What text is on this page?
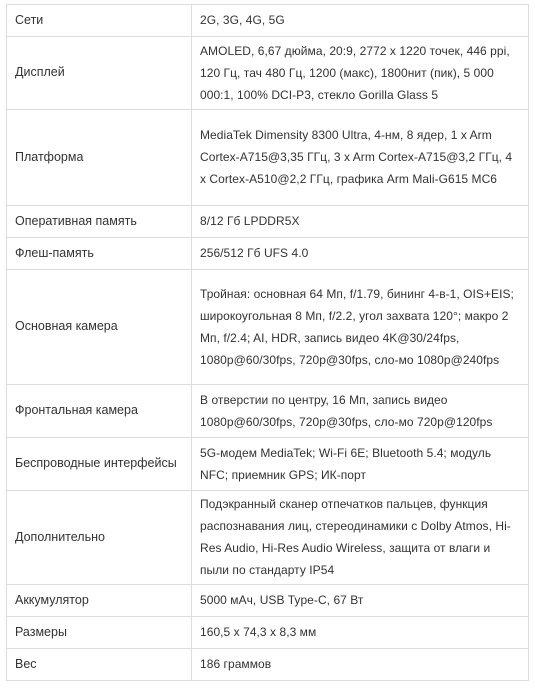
Сети	2G, 3G, 4G, 5G
Дисплей	AMOLED, 6,67 дюйма, 20:9, 2772 x 1220 точек, 446 ppi, 120 Гц, тач 480 Гц, 1200 (макс), 1800нит (пик), 5 000 000:1, 100% DCI-P3, стекло Gorilla Glass 5
Платформа	MediaTek Dimensity 8300 Ultra, 4-нм, 8 ядер, 1 x Arm Cortex-A715@3,35 ГГц, 3 x Arm Cortex-A715@3,2 ГГц, 4 x Cortex-A510@2,2 ГГц, графика Arm Mali-G615 MC6
Оперативная память	8/12 Гб LPDDR5X
Флеш-память	256/512 Гб UFS 4.0
Основная камера	Тройная: основная 64 Мп, f/1.79, бининг 4-в-1, OIS+EIS; широкоугольная 8 Мп, f/2.2, угол захвата 120°; макро 2 Мп, f/2.4; AI, HDR, запись видео 4K@30/24fps, 1080p@60/30fps, 720p@30fps, сло-мо 1080p@240fps
Фронтальная камера	В отверстии по центру, 16 Мп, запись видео 1080p@60/30fps, 720p@30fps, сло-мо 720p@120fps
Беспроводные интерфейсы	5G-модем MediaTek; Wi-Fi 6E; Bluetooth 5.4; модуль NFC; приемник GPS; ИК-порт
Дополнительно	Подэкранный сканер отпечатков пальцев, функция распознавания лиц, стереодинамики с Dolby Atmos, Hi-Res Audio, Hi-Res Audio Wireless, защита от влаги и пыли по стандарту IP54
Аккумулятор	5000 мАч, USB Type-C, 67 Вт
Размеры	160,5 x 74,3 x 8,3 мм
Вес	186 граммов
